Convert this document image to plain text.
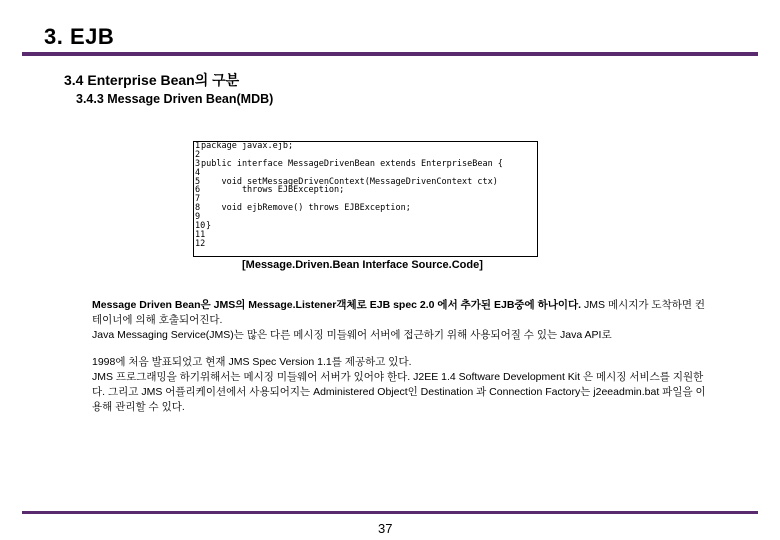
3. EJB
3.4 Enterprise Bean의 구분
3.4.3 Message Driven Bean(MDB)
1 package javax.ejb;
2
3 public interface MessageDrivenBean extends EnterpriseBean {
4
5 void setMessageDrivenContext(MessageDrivenContext ctx)
6 throws EJBException;
7
8 void ejbRemove() throws EJBException;
9
10 }
11
12
[Message.Driven.Bean Interface Source.Code]
Message Driven Bean은 JMS의 Message.Listener객체로 EJB spec 2.0 에서 추가된 EJB중에 하나이다. JMS 메시지가 도착하면 컨테이너에 의해 호출되어진다.
Java Messaging Service(JMS)는 많은 다른 메시징 미들웨어 서버에 접근하기 위해 사용되어질 수 있는 Java API로
1998에 처음 발표되었고 현재 JMS Spec Version 1.1를 제공하고 있다.
JMS 프로그래밍을 하기위해서는 메시징 미들웨어 서버가 있어야 한다. J2EE 1.4 Software Development Kit 은 메시징 서비스를 지원한다. 그리고 JMS 어플리케이션에서 사용되어지는 Administered Object인 Destination 과 Connection Factory는 j2eeadmin.bat 파일을 이용해 관리할 수 있다.
37
